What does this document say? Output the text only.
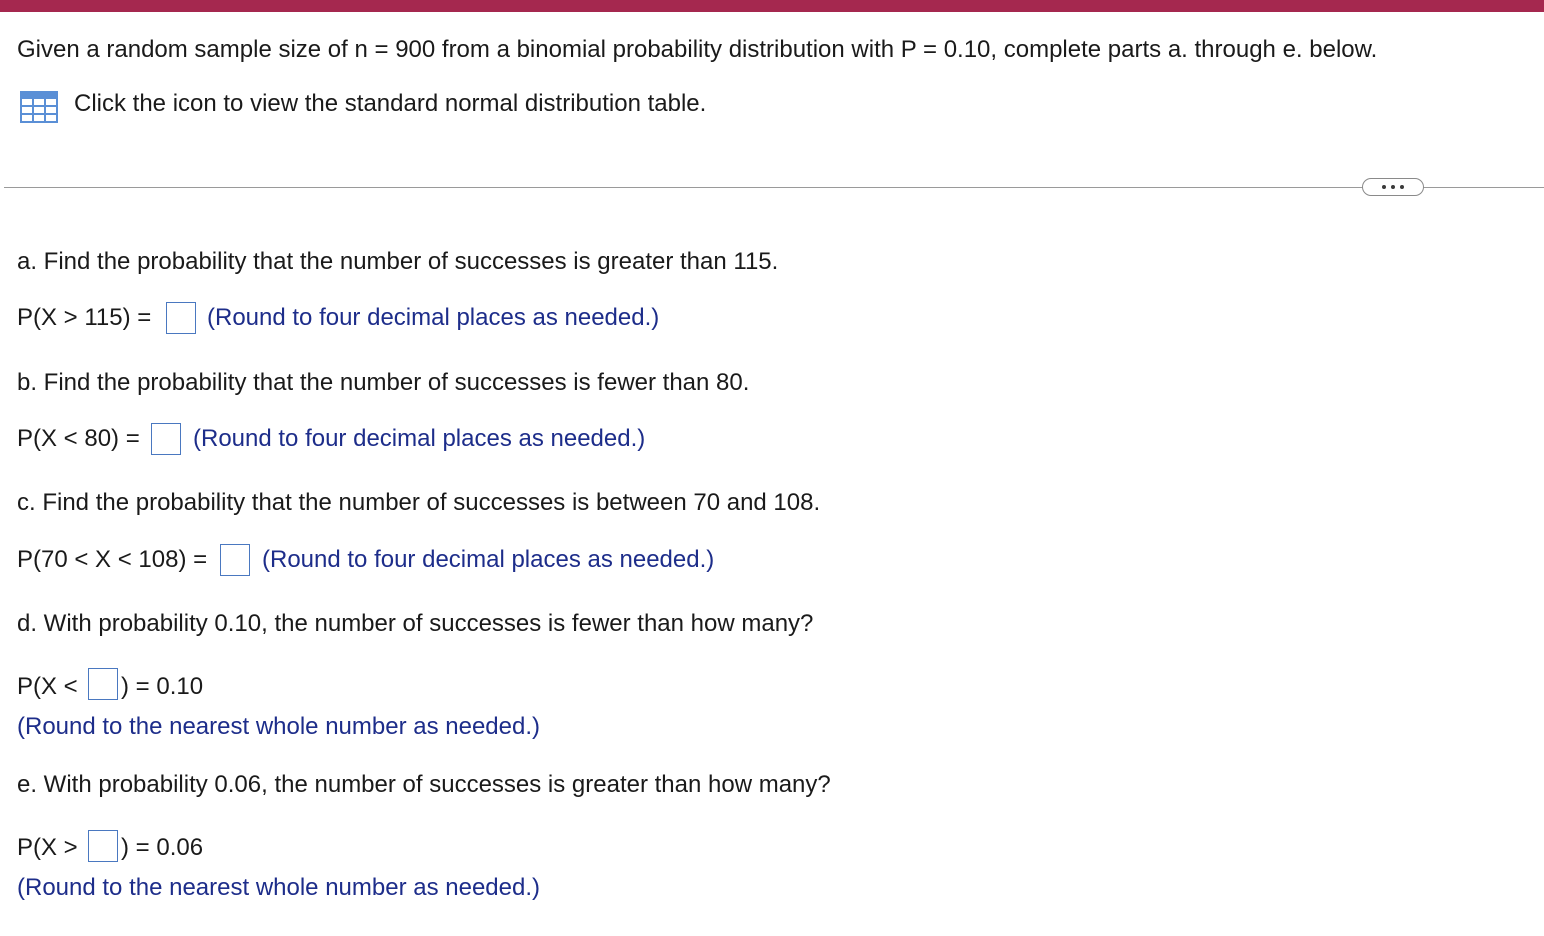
Given a random sample size of n = 900 from a binomial probability distribution with P = 0.10, complete parts a. through e. below.
Click the icon to view the standard normal distribution table.
a. Find the probability that the number of successes is greater than 115.
P(X > 115) = (Round to four decimal places as needed.)
b. Find the probability that the number of successes is fewer than 80.
P(X < 80) = (Round to four decimal places as needed.)
c. Find the probability that the number of successes is between 70 and 108.
P(70 < X < 108) = (Round to four decimal places as needed.)
d. With probability 0.10, the number of successes is fewer than how many?
P(X < ) = 0.10
(Round to the nearest whole number as needed.)
e. With probability 0.06, the number of successes is greater than how many?
P(X > ) = 0.06
(Round to the nearest whole number as needed.)
